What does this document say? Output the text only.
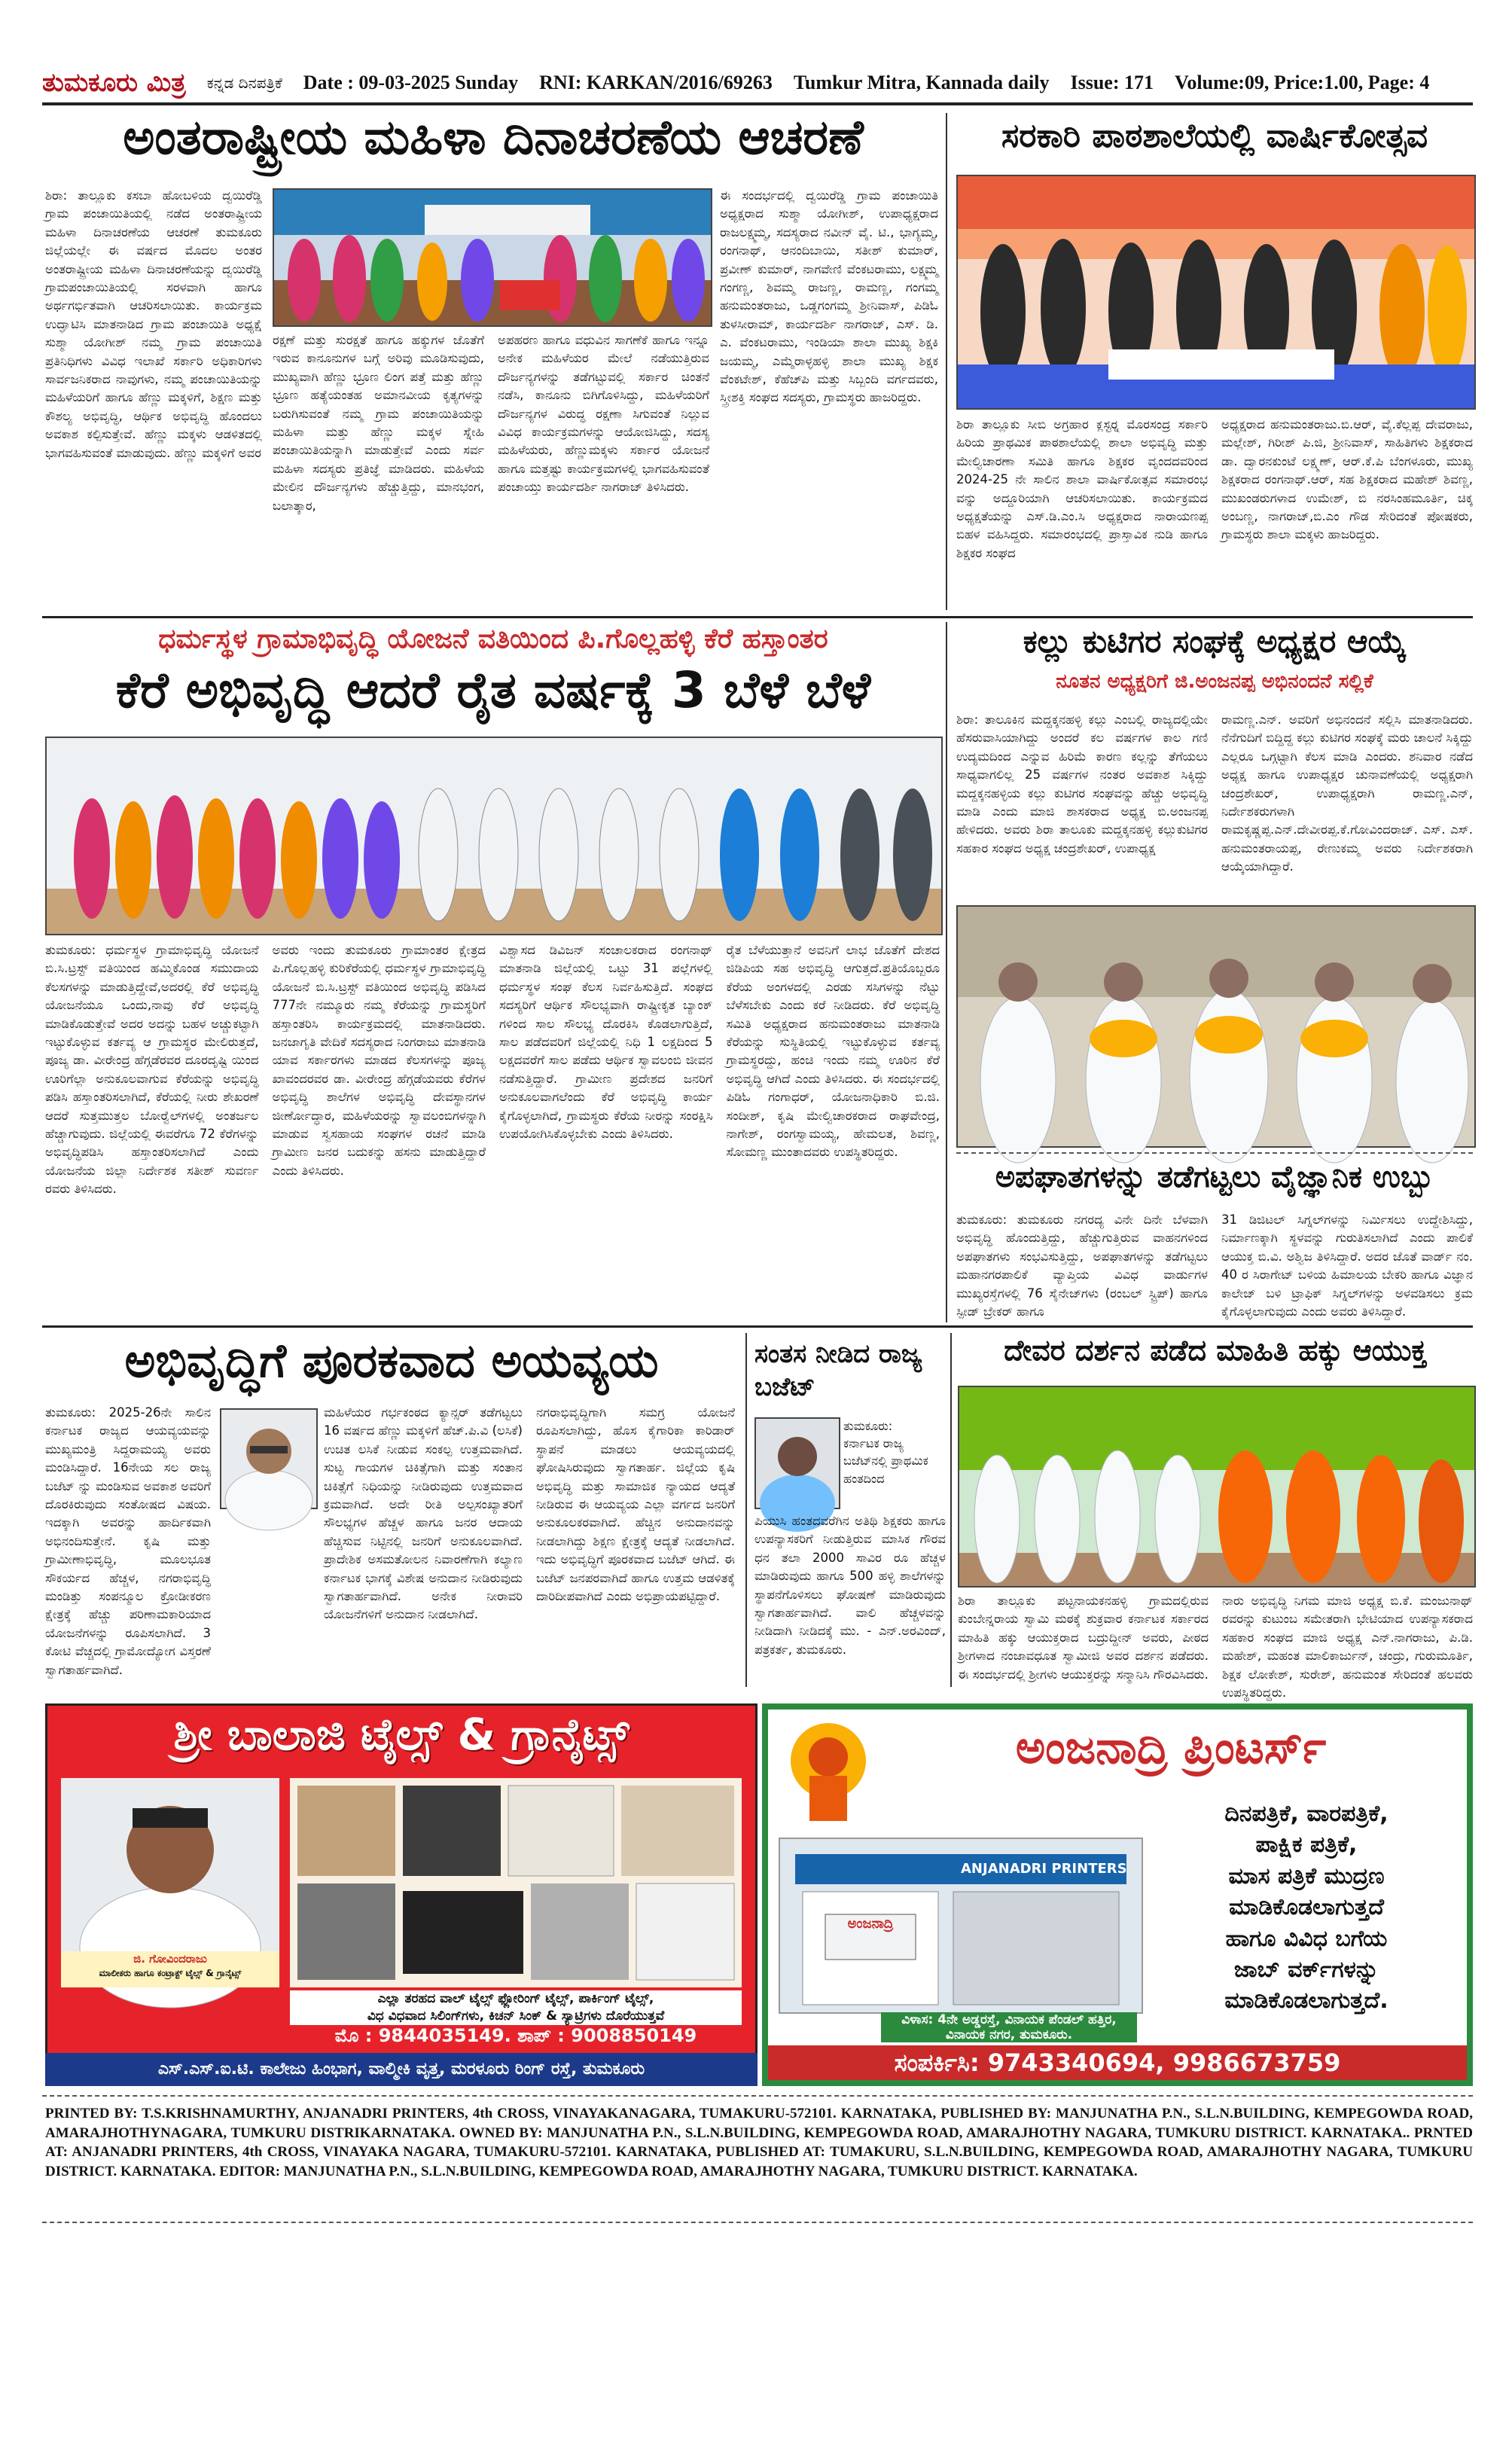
ತುಮಕೂರು ಮಿತ್ರ ಕನ್ನಡ ದಿನಪತ್ರಿಕೆ Date : 09-03-2025 Sunday RNI: KARKAN/2016/69263 Tumkur Mitra, Kannada daily Issue: 171 Volume:09, Price:1.00, Page: 4
ಅಂತರಾಷ್ಟ್ರೀಯ ಮಹಿಳಾ ದಿನಾಚರಣೆಯ ಆಚರಣೆ
ಶಿರಾ: ತಾಲ್ಲೂಕು ಕಸಬಾ ಹೋಬಳಿಯ ದ್ವಯಿರೆಡ್ಡಿ ಗ್ರಾಮ ಪಂಚಾಯಿತಿಯಲ್ಲಿ ನಡೆದ ಅಂತರಾಷ್ಟ್ರೀಯ ಮಹಿಳಾ ದಿನಾಚರಣೆಯ ಆಚರಣೆ ತುಮಕೂರು ಜಿಲ್ಲೆಯಲ್ಲೇ ಈ ವರ್ಷದ ಮೊದಲ ಅಂತರ ಅಂತರಾಷ್ಟ್ರೀಯ ಮಹಿಳಾ ದಿನಾಚರಣೆಯನ್ನು ದ್ವಯಿರೆಡ್ಡಿ ಗ್ರಾಮಪಂಚಾಯಿತಿಯಲ್ಲಿ ಸರಳವಾಗಿ ಹಾಗೂ ಅರ್ಥಗರ್ಭಿತವಾಗಿ ಆಚರಿಸಲಾಯಿತು. ಕಾರ್ಯಕ್ರಮ ಉದ್ಘಾಟಿಸಿ ಮಾತನಾಡಿದ ಗ್ರಾಮ ಪಂಚಾಯಿತಿ ಅಧ್ಯಕ್ಷೆ ಸುಶ್ಮಾ ಯೋಗೀಶ್ ನಮ್ಮ ಗ್ರಾಮ ಪಂಚಾಯಿತಿ ಪ್ರತಿನಿಧಿಗಳು ವಿವಿಧ ಇಲಾಖೆ ಸರ್ಕಾರಿ ಅಧಿಕಾರಿಗಳು ಸಾರ್ವಜನಿಕರಾದ ನಾವುಗಳು, ನಮ್ಮ ಪಂಚಾಯಿತಿಯನ್ನು ಮಹಿಳೆಯರಿಗೆ ಹಾಗೂ ಹೆಣ್ಣು ಮಕ್ಕಳಿಗೆ, ಶಿಕ್ಷಣ ಮತ್ತು ಕೌಶಲ್ಯ ಅಭಿವೃದ್ಧಿ, ಆರ್ಥಿಕ ಅಭಿವೃದ್ಧಿ ಹೊಂದಲು ಅವಕಾಶ ಕಲ್ಪಿಸುತ್ತೇವೆ. ಹೆಣ್ಣು ಮಕ್ಕಳು ಆಡಳಿತದಲ್ಲಿ ಭಾಗವಹಿಸುವಂತೆ ಮಾಡುವುದು. ಹೆಣ್ಣು ಮಕ್ಕಳಿಗೆ ಅವರ
ರಕ್ಷಣೆ ಮತ್ತು ಸುರಕ್ಷತೆ ಹಾಗೂ ಹಕ್ಕುಗಳ ಜೊತೆಗೆ ಇರುವ ಕಾನೂನುಗಳ ಬಗ್ಗೆ ಅರಿವು ಮೂಡಿಸುವುದು, ಮುಖ್ಯವಾಗಿ ಹೆಣ್ಣು ಭ್ರೂಣ ಲಿಂಗ ಪತ್ತೆ ಮತ್ತು ಹೆಣ್ಣು ಭ್ರೂಣ ಹತ್ಯೆಯಂತಹ ಅಮಾನವೀಯ ಕೃತ್ಯಗಳನ್ನು ಬರುಗಿಸುವಂತೆ ನಮ್ಮ ಗ್ರಾಮ ಪಂಚಾಯಿತಿಯನ್ನು ಮಹಿಳಾ ಮತ್ತು ಹೆಣ್ಣು ಮಕ್ಕಳ ಸ್ನೇಹಿ ಪಂಚಾಯಿತಿಯನ್ನಾಗಿ ಮಾಡುತ್ತೇವೆ ಎಂದು ಸರ್ವ ಮಹಿಳಾ ಸದಸ್ಯರು ಪ್ರತಿಜ್ಞೆ ಮಾಡಿದರು. ಮಹಿಳೆಯ ಮೇಲಿನ ದೌರ್ಜನ್ಯಗಳು ಹೆಚ್ಚುತ್ತಿದ್ದು, ಮಾನಭಂಗ, ಬಲಾತ್ಕಾರ,
ಅಪಹರಣ ಹಾಗೂ ವಧುವಿನ ಸಾಗಣೆಕೆ ಹಾಗೂ ಇನ್ನೂ ಅನೇಕ ಮಹಿಳೆಯರ ಮೇಲೆ ನಡೆಯುತ್ತಿರುವ ದೌರ್ಜನ್ಯಗಳನ್ನು ತಡೆಗಟ್ಟುವಲ್ಲಿ ಸರ್ಕಾರ ಚಿಂತನೆ ನಡೆಸಿ, ಕಾನೂನು ಬಿಗಿಗೊಳಿಸಿದ್ದು, ಮಹಿಳೆಯರಿಗೆ ದೌರ್ಜನ್ಯಗಳ ವಿರುದ್ಧ ರಕ್ಷಣಾ ಸಿಗುವಂತೆ ನಿಲ್ಲುವ ವಿವಿಧ ಕಾರ್ಯಕ್ರಮಗಳನ್ನು ಆಯೋಜಿಸಿದ್ದು, ಸದಸ್ಯ ಮಹಿಳೆಯರು, ಹೆಣ್ಣುಮಕ್ಕಳು ಸರ್ಕಾರ ಯೋಜನೆ ಹಾಗೂ ಮತ್ತಷ್ಟು ಕಾರ್ಯಕ್ರಮಗಳಲ್ಲಿ ಭಾಗವಹಿಸುವಂತೆ ಪಂಚಾಯ್ತು ಕಾರ್ಯದರ್ಶಿ ನಾಗರಾಜ್ ತಿಳಿಸಿದರು.
ಈ ಸಂದರ್ಭದಲ್ಲಿ ದ್ವಯಿರೆಡ್ಡಿ ಗ್ರಾಮ ಪಂಚಾಯಿತಿ ಅಧ್ಯಕ್ಷರಾದ ಸುಶ್ಮಾ ಯೋಗೀಶ್, ಉಪಾಧ್ಯಕ್ಷರಾದ ರಾಜಲಕ್ಷ್ಮಮ್ಮ, ಸದಸ್ಯರಾದ ನವೀನ್ ವೈ. ಟಿ., ಭಾಗ್ಯಮ್ಮ, ರಂಗನಾಥ್, ಆನಂದಿಬಾಯಿ, ಸತೀಶ್ ಕುಮಾರ್, ಪ್ರವೀಣ್ ಕುಮಾರ್, ನಾಗವೇಣಿ ವೆಂಕಟರಾಮು, ಲಕ್ಷ್ಮಮ್ಮ ಗಂಗಣ್ಣ, ಶಿವಮ್ಮ ರಾಜಣ್ಣ, ರಾಮಣ್ಣ, ಗಂಗಮ್ಮ ಹನುಮಂತರಾಜು, ಒಡ್ಡಗಂಗಮ್ಮ ಶ್ರೀನಿವಾಸ್, ಪಿಡಿಓ ತುಳಸೀರಾಮ್, ಕಾರ್ಯದರ್ಶಿ ನಾಗರಾಜ್, ಎಸ್. ಡಿ. ಎ. ವೆಂಕಟರಾಮು, ಇಂಡಿಯಾ ಶಾಲಾ ಮುಖ್ಯ ಶಿಕ್ಷಕಿ ಜಯಮ್ಮ, ಎಮ್ಮೆರಾಳ್ಳಹಳ್ಳಿ ಶಾಲಾ ಮುಖ್ಯ ಶಿಕ್ಷಕ ವೆಂಕಟೇಶ್, ಕೆಹೆಚ್‍ಪಿ ಮತ್ತು ಸಿಬ್ಬಂದಿ ವರ್ಗದವರು, ಸ್ತ್ರೀಶಕ್ತಿ ಸಂಘದ ಸದಸ್ಯರು, ಗ್ರಾಮಸ್ಥರು ಹಾಜರಿದ್ದರು.
ಸರಕಾರಿ ಪಾಠಶಾಲೆಯಲ್ಲಿ ವಾರ್ಷಿಕೋತ್ಸವ
ಶಿರಾ ತಾಲ್ಲೂಕು ಸೀಬಿ ಅಗ್ರಹಾರ ಕ್ಲಸ್ಟರ್‍ನ ಮೊರಸಂದ್ರ ಸರ್ಕಾರಿ ಹಿರಿಯ ಪ್ರಾಥಮಿಕ ಪಾಠಶಾಲೆಯಲ್ಲಿ ಶಾಲಾ ಅಭಿವೃದ್ಧಿ ಮತ್ತು ಮೇಲ್ವಿಚಾರಣಾ ಸಮಿತಿ ಹಾಗೂ ಶಿಕ್ಷಕರ ವೃಂದದವರಿಂದ 2024-25 ನೇ ಸಾಲಿನ ಶಾಲಾ ವಾರ್ಷಿಕೋತ್ಸವ ಸಮಾರಂಭ ವನ್ನು ಅದ್ದೂರಿಯಾಗಿ ಆಚರಿಸಲಾಯಿತು. ಕಾರ್ಯಕ್ರಮದ ಅಧ್ಯಕ್ಷತೆಯನ್ನು ಎಸ್.ಡಿ.ಎಂ.ಸಿ ಅಧ್ಯಕ್ಷರಾದ ನಾರಾಯಣಪ್ಪ ಬಿಹಳ ವಹಿಸಿದ್ದರು. ಸಮಾರಂಭದಲ್ಲಿ ಪ್ರಾಸ್ತಾವಿಕ ನುಡಿ ಹಾಗೂ ಶಿಕ್ಷಕರ ಸಂಘದ
ಅಧ್ಯಕ್ಷರಾದ ಹನುಮಂತರಾಜು.ಬಿ.ಆರ್, ವೈ.ಕೆಲ್ಲಪ್ಪ ದೇವರಾಜು, ಮಲ್ಲೇಶ್, ಗಿರೀಶ್ ಪಿ.ಜಿ, ಶ್ರೀನಿವಾಸ್, ಸಾಹಿತಿಗಳು ಶಿಕ್ಷಕರಾದ ಡಾ. ದ್ವಾರನಕುಂಟೆ ಲಕ್ಷ್ಮಣ್, ಆರ್.ಕೆ.ಪಿ ಬೆಂಗಳೂರು, ಮುಖ್ಯ ಶಿಕ್ಷಕರಾದ ರಂಗನಾಥ್.ಆರ್, ಸಹ ಶಿಕ್ಷಕರಾದ ಮಹೇಶ್ ಶಿವಣ್ಣ, ಮುಖಂಡರುಗಳಾದ ಉಮೇಶ್, ಬಿ ನರಸಿಂಹಮೂರ್ತಿ, ಚಿಕ್ಕ ಅಂಬಣ್ಣ, ನಾಗರಾಜ್,ಬಿ.ಎಂ ಗೌಡ ಸೇರಿದಂತೆ ಪೋಷಕರು, ಗ್ರಾಮಸ್ಥರು ಶಾಲಾ ಮಕ್ಕಳು ಹಾಜರಿದ್ದರು.
ಧರ್ಮಸ್ಥಳ ಗ್ರಾಮಾಭಿವೃದ್ಧಿ ಯೋಜನೆ ವತಿಯಿಂದ ಪಿ.ಗೊಲ್ಲಹಳ್ಳಿ ಕೆರೆ ಹಸ್ತಾಂತರ
ಕೆರೆ ಅಭಿವೃದ್ಧಿ ಆದರೆ ರೈತ ವರ್ಷಕ್ಕೆ 3 ಬೆಳೆ ಬೆಳೆ
ತುಮಕೂರು: ಧರ್ಮಸ್ಥಳ ಗ್ರಾಮಾಭಿವೃದ್ಧಿ ಯೋಜನೆ ಬಿ.ಸಿ.ಟ್ರಸ್ಟ್ ವತಿಯಿಂದ ಹಮ್ಮಿಕೊಂಡ ಸಮುದಾಯ ಕೆಲಸಗಳನ್ನು ಮಾಡುತ್ತಿದ್ದೇವೆ,ಅದರಲ್ಲಿ ಕೆರೆ ಅಭಿವೃದ್ಧಿ ಯೋಜನೆಯೂ ಒಂದು,ನಾವು ಕೆರೆ ಅಭಿವೃದ್ಧಿ ಮಾಡಿಕೊಡುತ್ತೇವೆ ಅದರ ಅದನ್ನು ಬಹಳ ಅಚ್ಚುಕಟ್ಟಾಗಿ ಇಟ್ಟುಕೊಳ್ಳುವ ಕರ್ತವ್ಯ ಆ ಗ್ರಾಮಸ್ಥರ ಮೇಲಿರುತ್ತದೆ, ಪೂಜ್ಯ ಡಾ. ವೀರೇಂದ್ರ ಹೆಗ್ಗಡೆರವರ ದೂರದೃಷ್ಟಿ ಯಿಂದ ಊರಿಗೆಲ್ಲಾ ಅನುಕೂಲವಾಗುವ ಕೆರೆಯನ್ನು ಅಭಿವೃದ್ಧಿ ಪಡಿಸಿ ಹಸ್ತಾಂತರಿಸಲಾಗಿದೆ, ಕೆರೆಯಲ್ಲಿ ನೀರು ಶೇಖರಣೆ ಆದರೆ ಸುತ್ತಮುತ್ತಲ ಬೋರ್‍ವೆಲ್‍ಗಳಲ್ಲಿ ಅಂತರ್ಜಲ ಹೆಚ್ಚಾಗುವುದು. ಜಿಲ್ಲೆಯಲ್ಲಿ ಈವರೆಗೂ 72 ಕೆರೆಗಳನ್ನು ಅಭಿವೃದ್ಧಿಪಡಿಸಿ ಹಸ್ತಾಂತರಿಸಲಾಗಿದೆ ಎಂದು ಯೋಜನೆಯ ಜಿಲ್ಲಾ ನಿರ್ದೇಶಕ ಸತೀಶ್ ಸುವರ್ಣ ರವರು ತಿಳಿಸಿದರು.
ಅವರು ಇಂದು ತುಮಕೂರು ಗ್ರಾಮಾಂತರ ಕ್ಷೇತ್ರದ ಪಿ.ಗೊಲ್ಲಹಳ್ಳಿ ಕುರಿಕೆರೆಯಲ್ಲಿ ಧರ್ಮಸ್ಥಳ ಗ್ರಾಮಾಭಿವೃದ್ಧಿ ಯೋಜನೆ ಬಿ.ಸಿ.ಟ್ರಸ್ಟ್ ವತಿಯಿಂದ ಅಭಿವೃದ್ಧಿ ಪಡಿಸಿದ 777ನೇ ನಮ್ಮೂರು ನಮ್ಮ ಕೆರೆಯನ್ನು ಗ್ರಾಮಸ್ಥರಿಗೆ ಹಸ್ತಾಂತರಿಸಿ ಕಾರ್ಯಕ್ರಮದಲ್ಲಿ ಮಾತನಾಡಿದರು. ಜನಜಾಗೃತಿ ವೇದಿಕೆ ಸದಸ್ಯರಾದ ನಿಂಗರಾಜು ಮಾತನಾಡಿ ಯಾವ ಸರ್ಕಾರಗಳು ಮಾಡದ ಕೆಲಸಗಳನ್ನು ಪೂಜ್ಯ ಖಾವಂದರವರ ಡಾ. ವೀರೇಂದ್ರ ಹೆಗ್ಗಡೆಯವರು ಕೆರೆಗಳ ಅಭಿವೃದ್ಧಿ ಶಾಲೆಗಳ ಅಭಿವೃದ್ಧಿ ದೇವಸ್ಥಾನಗಳ ಜೀರ್ಣೋದ್ಧಾರ, ಮಹಿಳೆಯರನ್ನು ಸ್ವಾವಲಂಬಿಗಳನ್ನಾಗಿ ಮಾಡುವ ಸ್ವಸಹಾಯ ಸಂಘಗಳ ರಚನೆ ಮಾಡಿ ಗ್ರಾಮೀಣ ಜನರ ಬದುಕನ್ನು ಹಸನು ಮಾಡುತ್ತಿದ್ದಾರೆ ಎಂದು ತಿಳಿಸಿದರು.
ವಿಶ್ವಾಸದ ಡಿವಿಜನ್ ಸಂಚಾಲಕರಾದ ರಂಗನಾಥ್ ಮಾತನಾಡಿ ಜಿಲ್ಲೆಯಲ್ಲಿ ಒಟ್ಟು 31 ಪಲ್ಲೆಗಳಲ್ಲಿ ಧರ್ಮಸ್ಥಳ ಸಂಘ ಕೆಲಸ ನಿರ್ವಹಿಸುತ್ತಿದೆ. ಸಂಘದ ಸದಸ್ಯರಿಗೆ ಆರ್ಥಿಕ ಸೌಲಭ್ಯವಾಗಿ ರಾಷ್ಟ್ರೀಕೃತ ಬ್ಯಾಂಕ್ ಗಳಿಂದ ಸಾಲ ಸೌಲಭ್ಯ ದೊರಕಿಸಿ ಕೊಡಲಾಗುತ್ತಿದೆ, ಸಾಲ ಪಡೆದವರಿಗೆ ಜಿಲ್ಲೆಯಲ್ಲಿ ನಿಧಿ 1 ಲಕ್ಷದಿಂದ 5 ಲಕ್ಷದವರೆಗೆ ಸಾಲ ಪಡೆದು ಆರ್ಥಿಕ ಸ್ವಾವಲಂಬಿ ಜೀವನ ನಡೆಸುತ್ತಿದ್ದಾರೆ. ಗ್ರಾಮೀಣ ಪ್ರದೇಶದ ಜನರಿಗೆ ಅನುಕೂಲವಾಗಲೆಂದು ಕೆರೆ ಅಭಿವೃದ್ಧಿ ಕಾರ್ಯ ಕೈಗೊಳ್ಳಲಾಗಿದೆ, ಗ್ರಾಮಸ್ಥರು ಕೆರೆಯ ನೀರನ್ನು ಸಂರಕ್ಷಿಸಿ ಉಪಯೋಗಿಸಿಕೊಳ್ಳಬೇಕು ಎಂದು ತಿಳಿಸಿದರು.
ರೈತ ಬೆಳೆಯುತ್ತಾನೆ ಅವನಿಗೆ ಲಾಭ ಜೊತೆಗೆ ದೇಶದ ಜಿಡಿಪಿಯ ಸಹ ಅಭಿವೃದ್ಧಿ ಆಗುತ್ತದೆ.ಪ್ರತಿಯೊಬ್ಬರೂ ಕೆರೆಯ ಅಂಗಳದಲ್ಲಿ ಎರಡು ಸಸಿಗಳನ್ನು ನೆಟ್ಟು ಬೆಳೆಸಬೇಕು ಎಂದು ಕರೆ ನೀಡಿದರು. ಕೆರೆ ಅಭಿವೃದ್ಧಿ ಸಮಿತಿ ಅಧ್ಯಕ್ಷರಾದ ಹನುಮಂತರಾಜು ಮಾತನಾಡಿ ಕೆರೆಯನ್ನು ಸುಸ್ಥಿತಿಯಲ್ಲಿ ಇಟ್ಟುಕೊಳ್ಳುವ ಕರ್ತವ್ಯ ಗ್ರಾಮಸ್ಥರದ್ದು, ಹಂಚಿ ಇಂದು ನಮ್ಮ ಊರಿನ ಕೆರೆ ಅಭಿವೃದ್ಧಿ ಆಗಿದೆ ಎಂದು ತಿಳಿಸಿದರು. ಈ ಸಂದರ್ಭದಲ್ಲಿ ಪಿಡಿಓ ಗಂಗಾಧರ್, ಯೋಜನಾಧಿಕಾರಿ ಬಿ.ಜಿ. ಸಂದೀಶ್, ಕೃಷಿ ಮೇಲ್ವಿಚಾರಕರಾದ ರಾಘವೇಂದ್ರ, ನಾಗೇಶ್, ರಂಗಸ್ವಾಮಯ್ಯ, ಹೇಮಲತ, ಶಿವಣ್ಣ, ಸೋಮಣ್ಣ ಮುಂತಾದವರು ಉಪಸ್ಥಿತರಿದ್ದರು.
ಕಲ್ಲು ಕುಟಿಗರ ಸಂಘಕ್ಕೆ ಅಧ್ಯಕ್ಷರ ಆಯ್ಕೆ
ನೂತನ ಅಧ್ಯಕ್ಷರಿಗೆ ಜಿ.ಅಂಜನಪ್ಪ ಅಭಿನಂದನೆ ಸಲ್ಲಿಕೆ
ಶಿರಾ: ತಾಲೂಕಿನ ಮದ್ದಕ್ಕನಹಳ್ಳಿ ಕಲ್ಲು ಎಂಬಲ್ಲಿ ರಾಜ್ಯದಲ್ಲಿಯೇ ಹೆಸರುವಾಸಿಯಾಗಿದ್ದು ಅಂದರೆ ಕಲ ವರ್ಷಗಳ ಕಾಲ ಗಣಿ ಉದ್ಯಮದಿಂದ ಎನ್ನುವ ಹಿರಿಮೆ ಕಾರಣ ಕಲ್ಲನ್ನು ತೆಗೆಯಲು ಸಾಧ್ಯವಾಗಲಿಲ್ಲ 25 ವರ್ಷಗಳ ನಂತರ ಅವಕಾಶ ಸಿಕ್ಕಿದ್ದು ಮದ್ದಕ್ಕನಹಳ್ಳಿಯ ಕಲ್ಲು ಕುಟಿಗರ ಸಂಘವನ್ನು ಹೆಚ್ಚು ಅಭಿವೃದ್ಧಿ ಮಾಡಿ ಎಂದು ಮಾಜಿ ಶಾಸಕರಾದ ಅಧ್ಯಕ್ಷ ಬಿ.ಅಂಜನಪ್ಪ ಹೇಳಿದರು. ಅವರು ಶಿರಾ ತಾಲೂಕು ಮದ್ದಕ್ಕನಹಳ್ಳಿ ಕಲ್ಲುಕುಟಿಗರ ಸಹಕಾರ ಸಂಘದ ಅಧ್ಯಕ್ಷ ಚಂದ್ರಶೇಖರ್, ಉಪಾಧ್ಯಕ್ಷ
ರಾಮಣ್ಣ.ಎನ್. ಅವರಿಗೆ ಅಭಿನಂದನೆ ಸಲ್ಲಿಸಿ ಮಾತನಾಡಿದರು. ನೆನೆಗುದಿಗೆ ಬಿದ್ದಿದ್ದ ಕಲ್ಲು ಕುಟಿಗರ ಸಂಘಕ್ಕೆ ಮರು ಚಾಲನೆ ಸಿಕ್ಕಿದ್ದು ಎಲ್ಲರೂ ಒಗ್ಗಟ್ಟಾಗಿ ಕೆಲಸ ಮಾಡಿ ಎಂದರು. ಶನಿವಾರ ನಡೆದ ಅಧ್ಯಕ್ಷ ಹಾಗೂ ಉಪಾಧ್ಯಕ್ಷರ ಚುನಾವಣೆಯಲ್ಲಿ ಅಧ್ಯಕ್ಷರಾಗಿ ಚಂದ್ರಶೇಖರ್, ಉಪಾಧ್ಯಕ್ಷರಾಗಿ ರಾಮಣ್ಣ.ಎನ್, ನಿರ್ದೇಶಕರುಗಳಾಗಿ ರಾಮಕೃಷ್ಣಪ್ಪ.ಎನ್.ದೇವೀರಪ್ಪ.ಕೆ.ಗೋವಿಂದರಾಜ್. ಎಸ್. ಎಸ್. ಹನುಮಂತರಾಯಪ್ಪ, ರೇಣುಕಮ್ಮ ಅವರು ನಿರ್ದೇಶಕರಾಗಿ ಆಯ್ಕೆಯಾಗಿದ್ದಾರೆ.
ಅಪಘಾತಗಳನ್ನು ತಡೆಗಟ್ಟಲು ವೈಜ್ಞಾನಿಕ ಉಬ್ಬು
ತುಮಕೂರು: ತುಮಕೂರು ನಗರದ್ಯ ವಿನೇ ದಿನೇ ಬೆಳವಾಗಿ ಅಭಿವೃದ್ಧಿ ಹೊಂದುತ್ತಿದ್ದು, ಹೆಚ್ಚುಗುತ್ತಿರುವ ವಾಹನಗಳಿಂದ ಅಪಘಾತಗಳು ಸಂಭವಿಸುತ್ತಿದ್ದು, ಅಪಘಾತಗಳನ್ನು ತಡೆಗಟ್ಟಲು ಮಹಾನಗರಪಾಲಿಕೆ ವ್ಯಾಪ್ತಿಯ ವಿವಿಧ ವಾರ್ಡುಗಳ ಮುಖ್ಯರಸ್ತೆಗಳಲ್ಲಿ 76 ಸೈನೇಜ್‍ಗಳು (ರಂಬಲ್ ಸ್ಟ್ರಿಪ್) ಹಾಗೂ ಸ್ಪೀಡ್ ಬ್ರೇಕರ್ ಹಾಗೂ
31 ಡಿಜಿಟಲ್ ಸಿಗ್ನಲ್‍ಗಳನ್ನು ನಿರ್ಮಿಸಲು ಉದ್ದೇಶಿಸಿದ್ದು, ನಿರ್ಮಾಣಕ್ಕಾಗಿ ಸ್ಥಳವನ್ನು ಗುರುತಿಸಲಾಗಿದೆ ಎಂದು ಪಾಲಿಕೆ ಆಯುಕ್ತ ಬಿ.ವಿ. ಅಶ್ವಿಜ ತಿಳಿಸಿದ್ದಾರೆ. ಅದರ ಜೊತೆ ವಾರ್ಡ್ ನಂ. 40 ರ ಸಿರಾಗೇಟ್ ಬಳಿಯ ಹಿಮಾಲಯ ಬೇಕರಿ ಹಾಗೂ ವಿಜ್ಞಾನ ಕಾಲೇಜ್ ಬಳಿ ಟ್ರಾಫಿಕ್ ಸಿಗ್ನಲ್‍ಗಳನ್ನು ಅಳವಡಿಸಲು ಕ್ರಮ ಕೈಗೊಳ್ಳಲಾಗುವುದು ಎಂದು ಅವರು ತಿಳಿಸಿದ್ದಾರೆ.
ಅಭಿವೃದ್ಧಿಗೆ ಪೂರಕವಾದ ಅಯವ್ಯಯ
ತುಮಕೂರು: 2025-26ನೇ ಸಾಲಿನ ಕರ್ನಾಟಕ ರಾಜ್ಯದ ಆಯವ್ಯಯವನ್ನು ಮುಖ್ಯಮಂತ್ರಿ ಸಿದ್ದರಾಮಯ್ಯ ಅವರು ಮಂಡಿಸಿದ್ದಾರೆ. 16ನೇಯ ಸಲ ರಾಜ್ಯ ಬಜೆಟ್ ನ್ನು ಮಂಡಿಸುವ ಅವಕಾಶ ಅವರಿಗೆ ದೊರಕಿರುವುದು ಸಂತೋಷದ ವಿಷಯ. ಇದಕ್ಕಾಗಿ ಅವರನ್ನು ಹಾರ್ದಿಕವಾಗಿ ಅಭಿನಂದಿಸುತ್ತೇನೆ. ಕೃಷಿ ಮತ್ತು ಗ್ರಾಮೀಣಾಭಿವೃದ್ಧಿ, ಮೂಲಭೂತ ಸೌಕರ್ಯದ ಹೆಚ್ಚಳ, ನಗರಾಭಿವೃದ್ಧಿ ಮಂಡಿತ್ತು ಸಂಪನ್ಮೂಲ ಕ್ರೋಡೀಕರಣ ಕ್ಷೇತ್ರಕ್ಕೆ ಹೆಚ್ಚು ಪರಿಣಾಮಕಾರಿಯಾದ ಯೋಜನೆಗಳನ್ನು ರೂಪಿಸಲಾಗಿದೆ. 3 ಕೋಟಿ ವೆಚ್ಚದಲ್ಲಿ ಗ್ರಾಮೋದ್ಯೋಗ ವಿಸ್ತರಣೆ ಸ್ವಾಗತಾರ್ಹವಾಗಿದೆ.
ಮಹಿಳೆಯರ ಗರ್ಭಕಂಠದ ಕ್ಯಾನ್ಸರ್ ತಡೆಗಟ್ಟಲು 16 ವರ್ಷದ ಹೆಣ್ಣು ಮಕ್ಕಳಿಗೆ ಹೆಚ್.ಪಿ.ವಿ (ಲಸಿಕೆ) ಉಚಿತ ಲಸಿಕೆ ನೀಡುವ ಸಂಕಲ್ಪ ಉತ್ತಮವಾಗಿದೆ. ಸುಟ್ಟ ಗಾಯಗಳ ಚಿಕಿತ್ಸೆಗಾಗಿ ಮತ್ತು ಸಂತಾನ ಚಿಕಿತ್ಸೆಗೆ ನಿಧಿಯನ್ನು ನೀಡಿರುವುದು ಉತ್ತಮವಾದ ಕ್ರಮವಾಗಿದೆ. ಅದೇ ರೀತಿ ಅಲ್ಪಸಂಖ್ಯಾತರಿಗೆ ಸೌಲಭ್ಯಗಳ ಹೆಚ್ಚಳ ಹಾಗೂ ಜನರ ಆದಾಯ ಹೆಚ್ಚಿಸುವ ನಿಟ್ಟಿನಲ್ಲಿ ಜನರಿಗೆ ಅನುಕೂಲವಾಗಿದೆ. ಪ್ರಾದೇಶಿಕ ಅಸಮತೋಲನ ನಿವಾರಣೆಗಾಗಿ ಕಲ್ಯಾಣ ಕರ್ನಾಟಕ ಭಾಗಕ್ಕೆ ವಿಶೇಷ ಅನುದಾನ ನೀಡಿರುವುದು ಸ್ವಾಗತಾರ್ಹವಾಗಿದೆ. ಅನೇಕ ನೀರಾವರಿ ಯೋಜನೆಗಳಿಗೆ ಅನುದಾನ ನೀಡಲಾಗಿದೆ.
ನಗರಾಭಿವೃದ್ಧಿಗಾಗಿ ಸಮಗ್ರ ಯೋಜನೆ ರೂಪಿಸಲಾಗಿದ್ದು, ಹೊಸ ಕೈಗಾರಿಕಾ ಕಾರಿಡಾರ್ ಸ್ಥಾಪನೆ ಮಾಡಲು ಆಯವ್ಯಯದಲ್ಲಿ ಘೋಷಿಸಿರುವುದು ಸ್ವಾಗತಾರ್ಹ. ಜಿಲ್ಲೆಯ ಕೃಷಿ ಅಭಿವೃದ್ಧಿ ಮತ್ತು ಸಾಮಾಜಿಕ ನ್ಯಾಯದ ಆದ್ಯತೆ ನೀಡಿರುವ ಈ ಆಯವ್ಯಯ ಎಲ್ಲಾ ವರ್ಗದ ಜನರಿಗೆ ಅನುಕೂಲಕರವಾಗಿದೆ. ಹೆಚ್ಚಿನ ಅನುದಾನವನ್ನು ನೀಡಲಾಗಿದ್ದು ಶಿಕ್ಷಣ ಕ್ಷೇತ್ರಕ್ಕೆ ಆದ್ಯತೆ ನೀಡಲಾಗಿದೆ. ಇದು ಅಭಿವೃದ್ಧಿಗೆ ಪೂರಕವಾದ ಬಜೆಟ್ ಆಗಿದೆ. ಈ ಬಜೆಟ್ ಜನಪರವಾಗಿದೆ ಹಾಗೂ ಉತ್ತಮ ಆಡಳಿತಕ್ಕೆ ದಾರಿದೀಪವಾಗಿದೆ ಎಂದು ಅಭಿಪ್ರಾಯಪಟ್ಟಿದ್ದಾರೆ.
ಸಂತಸ ನೀಡಿದ ರಾಜ್ಯ ಬಜೆಟ್
ತುಮಕೂರು:
ಕರ್ನಾಟಕ ರಾಜ್ಯ ಬಜೆಟ್‍ನಲ್ಲಿ ಪ್ರಾಥಮಿಕ ಹಂತದಿಂದ
ಪಿಯುಸಿ ಹಂತದವರೆಗಿನ ಅತಿಥಿ ಶಿಕ್ಷಕರು ಹಾಗೂ ಉಪನ್ಯಾಸಕರಿಗೆ ನೀಡುತ್ತಿರುವ ಮಾಸಿಕ ಗೌರವ ಧನ ತಲಾ 2000 ಸಾವಿರ ರೂ ಹೆಚ್ಚಳ ಮಾಡಿರುವುದು ಹಾಗೂ 500 ಹಳ್ಳಿ ಶಾಲೆಗಳನ್ನು ಸ್ಥಾಪನೆಗೊಳಿಸಲು ಘೋಷಣೆ ಮಾಡಿರುವುದು ಸ್ವಾಗತಾರ್ಹವಾಗಿದೆ. ವಾಲಿ ಹೆಚ್ಚಳವನ್ನು ನೀಡಿದಾಗಿ ನೀಡಿದಕ್ಕೆ ಮು. - ಎನ್.ಅರವಿಂದ್, ಪತ್ರಕರ್ತ, ತುಮಕೂರು.
ದೇವರ ದರ್ಶನ ಪಡೆದ ಮಾಹಿತಿ ಹಕ್ಕು ಆಯುಕ್ತ
ಶಿರಾ ತಾಲ್ಲೂಕು ಪಟ್ಟನಾಯಕನಹಳ್ಳಿ ಗ್ರಾಮದಲ್ಲಿರುವ ಕುಂಬೇನ್ನರಾಯ ಸ್ವಾಮಿ ಮಠಕ್ಕೆ ಶುಕ್ರವಾರ ಕರ್ನಾಟಕ ಸರ್ಕಾರದ ಮಾಹಿತಿ ಹಕ್ಕು ಆಯುಕ್ತರಾದ ಬದ್ರುದ್ದೀನ್ ಅವರು, ಪೀಠದ ಶ್ರೀಗಳಾದ ನಂಜಾವಧೂತ ಸ್ವಾಮೀಜಿ ಅವರ ದರ್ಶನ ಪಡೆದರು. ಈ ಸಂದರ್ಭದಲ್ಲಿ ಶ್ರೀಗಳು ಆಯುಕ್ತರನ್ನು ಸನ್ಮಾನಿಸಿ ಗೌರವಿಸಿದರು.
ನಾರು ಅಭಿವೃದ್ಧಿ ನಿಗಮ ಮಾಜಿ ಅಧ್ಯಕ್ಷ ಬಿ.ಕೆ. ಮಂಜುನಾಥ್ ರವರನ್ನು ಕುಟುಂಬ ಸಮೇತರಾಗಿ ಭೇಟಿಯಾದ ಉಪನ್ಯಾಸಕರಾದ ಸಹಕಾರ ಸಂಘದ ಮಾಜಿ ಅಧ್ಯಕ್ಷ ಎನ್.ನಾಗರಾಜು, ಪಿ.ಡಿ. ಮಹೇಶ್, ಮಹಂತ ಮಾಲಿಕಾರ್ಜುನ್, ಚಂದ್ರು, ಗುರುಮೂರ್ತಿ, ಶಿಕ್ಷಕ ಲೋಕೇಶ್, ಸುರೇಶ್, ಹನುಮಂತ ಸೇರಿದಂತೆ ಹಲವರು ಉಪಸ್ಥಿತರಿದ್ದರು.
ಶ್ರೀ ಬಾಲಾಜಿ ಟೈಲ್ಸ್ & ಗ್ರಾನೈಟ್ಸ್
ಜಿ. ಗೋವಿಂದರಾಜು
ಮಾಲೀಕರು ಹಾಗೂ ಕಂಟ್ರಾಕ್ಟ್ ಟೈಲ್ಸ್ & ಗ್ರಾನೈಟ್ಸ್
ಎಲ್ಲಾ ತರಹದ ವಾಲ್ ಟೈಲ್ಸ್ ಫ್ಲೋರಿಂಗ್ ಟೈಲ್ಸ್, ಪಾರ್ಕಿಂಗ್ ಟೈಲ್ಸ್,
ವಿಧ ವಿಧವಾದ ಸಿಲಿಂಗ್‍ಗಳು, ಕಿಚನ್ ಸಿಂಕ್ & ಸ್ಯಾಟ್ರಿಗಳು ದೊರೆಯುತ್ತವೆ
ಮೊ : 9844035149. ಶಾಪ್ : 9008850149
ಎಸ್.ಎಸ್.ಐ.ಟಿ. ಕಾಲೇಜು ಹಿಂಭಾಗ, ವಾಲ್ಮೀಕಿ ವೃತ್ತ, ಮರಳೂರು ರಿಂಗ್ ರಸ್ತೆ, ತುಮಕೂರು
ಅಂಜನಾದ್ರಿ ಪ್ರಿಂಟರ್ಸ್
ANJANADRI PRINTERS
ಅಂಜನಾದ್ರಿ
ದಿನಪತ್ರಿಕೆ, ವಾರಪತ್ರಿಕೆ,
ಪಾಕ್ಷಿಕ ಪತ್ರಿಕೆ,
ಮಾಸ ಪತ್ರಿಕೆ ಮುದ್ರಣ
ಮಾಡಿಕೊಡಲಾಗುತ್ತದೆ
ಹಾಗೂ ವಿವಿಧ ಬಗೆಯ
ಜಾಬ್ ವರ್ಕ್‍ಗಳನ್ನು
ಮಾಡಿಕೊಡಲಾಗುತ್ತದೆ.
ವಿಳಾಸ: 4ನೇ ಅಡ್ಡರಸ್ತೆ, ವಿನಾಯಕ ಪೆಂಡಲ್ ಹತ್ತಿರ, ವಿನಾಯಕ ನಗರ, ತುಮಕೂರು.
ಸಂಪರ್ಕಿಸಿ: 9743340694, 9986673759
PRINTED BY: T.S.KRISHNAMURTHY, ANJANADRI PRINTERS, 4th CROSS, VINAYAKANAGARA, TUMAKURU-572101. KARNATAKA, PUBLISHED BY: MANJUNATHA P.N., S.L.N.BUILDING, KEMPEGOWDA ROAD, AMARAJHOTHYNAGARA, TUMKURU DISTRIKARNATAKA. OWNED BY: MANJUNATHA P.N., S.L.N.BUILDING, KEMPEGOWDA ROAD, AMARAJHOTHY NAGARA, TUMKURU DISTRICT. KARNATAKA.. PRNTED AT: ANJANADRI PRINTERS, 4th CROSS, VINAYAKA NAGARA, TUMAKURU-572101. KARNATAKA, PUBLISHED AT: TUMAKURU, S.L.N.BUILDING, KEMPEGOWDA ROAD, AMARAJHOTHY NAGARA, TUMKURU DISTRICT. KARNATAKA. EDITOR: MANJUNATHA P.N., S.L.N.BUILDING, KEMPEGOWDA ROAD, AMARAJHOTHY NAGARA, TUMKURU DISTRICT. KARNATAKA.
